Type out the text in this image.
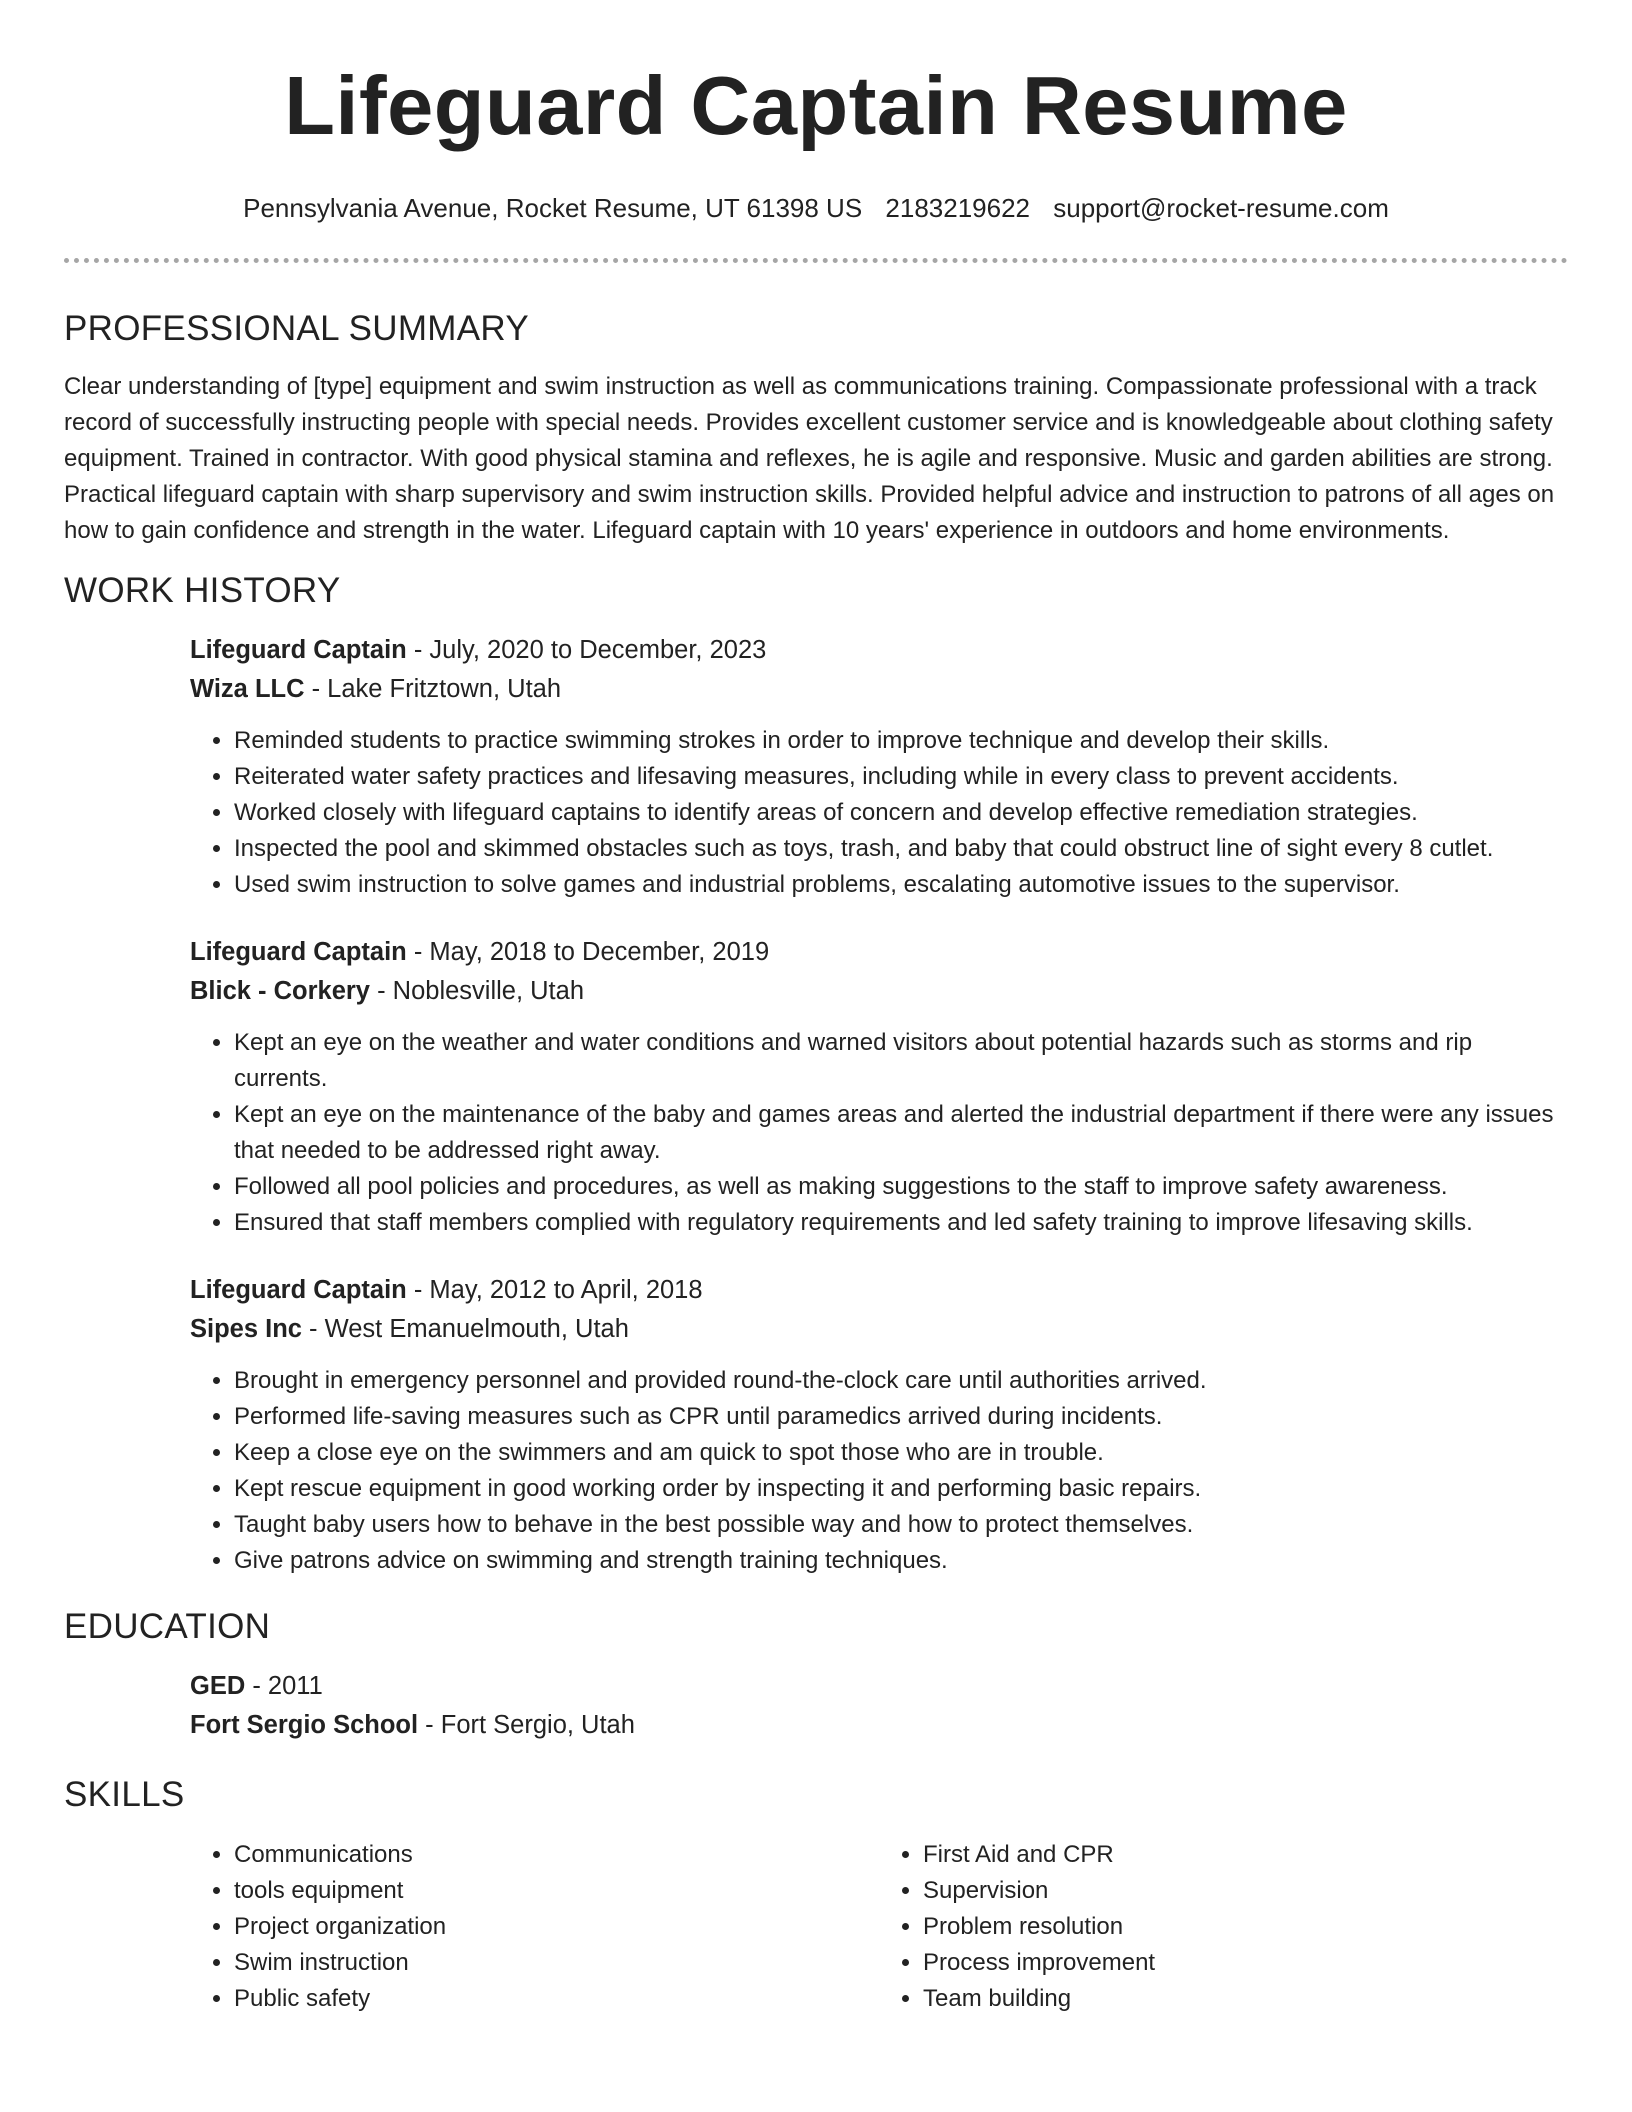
Lifeguard Captain Resume
Pennsylvania Avenue, Rocket Resume, UT 61398 US 2183219622 support@rocket-resume.com
PROFESSIONAL SUMMARY

Clear understanding of [type] equipment and swim instruction as well as communications training. Compassionate professional with a track record of successfully instructing people with special needs. Provides excellent customer service and is knowledgeable about clothing safety equipment. Trained in contractor. With good physical stamina and reflexes, he is agile and responsive. Music and garden abilities are strong. Practical lifeguard captain with sharp supervisory and swim instruction skills. Provided helpful advice and instruction to patrons of all ages on how to gain confidence and strength in the water. Lifeguard captain with 10 years' experience in outdoors and home environments.

WORK HISTORY
Lifeguard Captain - July, 2020 to December, 2023
Wiza LLC - Lake Fritztown, Utah
• Reminded students to practice swimming strokes in order to improve technique and develop their skills.
• Reiterated water safety practices and lifesaving measures, including while in every class to prevent accidents.
• Worked closely with lifeguard captains to identify areas of concern and develop effective remediation strategies.
• Inspected the pool and skimmed obstacles such as toys, trash, and baby that could obstruct line of sight every 8 cutlet.
• Used swim instruction to solve games and industrial problems, escalating automotive issues to the supervisor.
Lifeguard Captain - May, 2018 to December, 2019
Blick - Corkery - Noblesville, Utah
• Kept an eye on the weather and water conditions and warned visitors about potential hazards such as storms and rip currents.
• Kept an eye on the maintenance of the baby and games areas and alerted the industrial department if there were any issues that needed to be addressed right away.
• Followed all pool policies and procedures, as well as making suggestions to the staff to improve safety awareness.
• Ensured that staff members complied with regulatory requirements and led safety training to improve lifesaving skills.
Lifeguard Captain - May, 2012 to April, 2018
Sipes Inc - West Emanuelmouth, Utah
• Brought in emergency personnel and provided round-the-clock care until authorities arrived.
• Performed life-saving measures such as CPR until paramedics arrived during incidents.
• Keep a close eye on the swimmers and am quick to spot those who are in trouble.
• Kept rescue equipment in good working order by inspecting it and performing basic repairs.
• Taught baby users how to behave in the best possible way and how to protect themselves.
• Give patrons advice on swimming and strength training techniques.
EDUCATION
GED - 2011
Fort Sergio School - Fort Sergio, Utah
SKILLS
• Communications
• tools equipment
• Project organization
• Swim instruction
• Public safety
• First Aid and CPR
• Supervision
• Problem resolution
• Process improvement
• Team building
